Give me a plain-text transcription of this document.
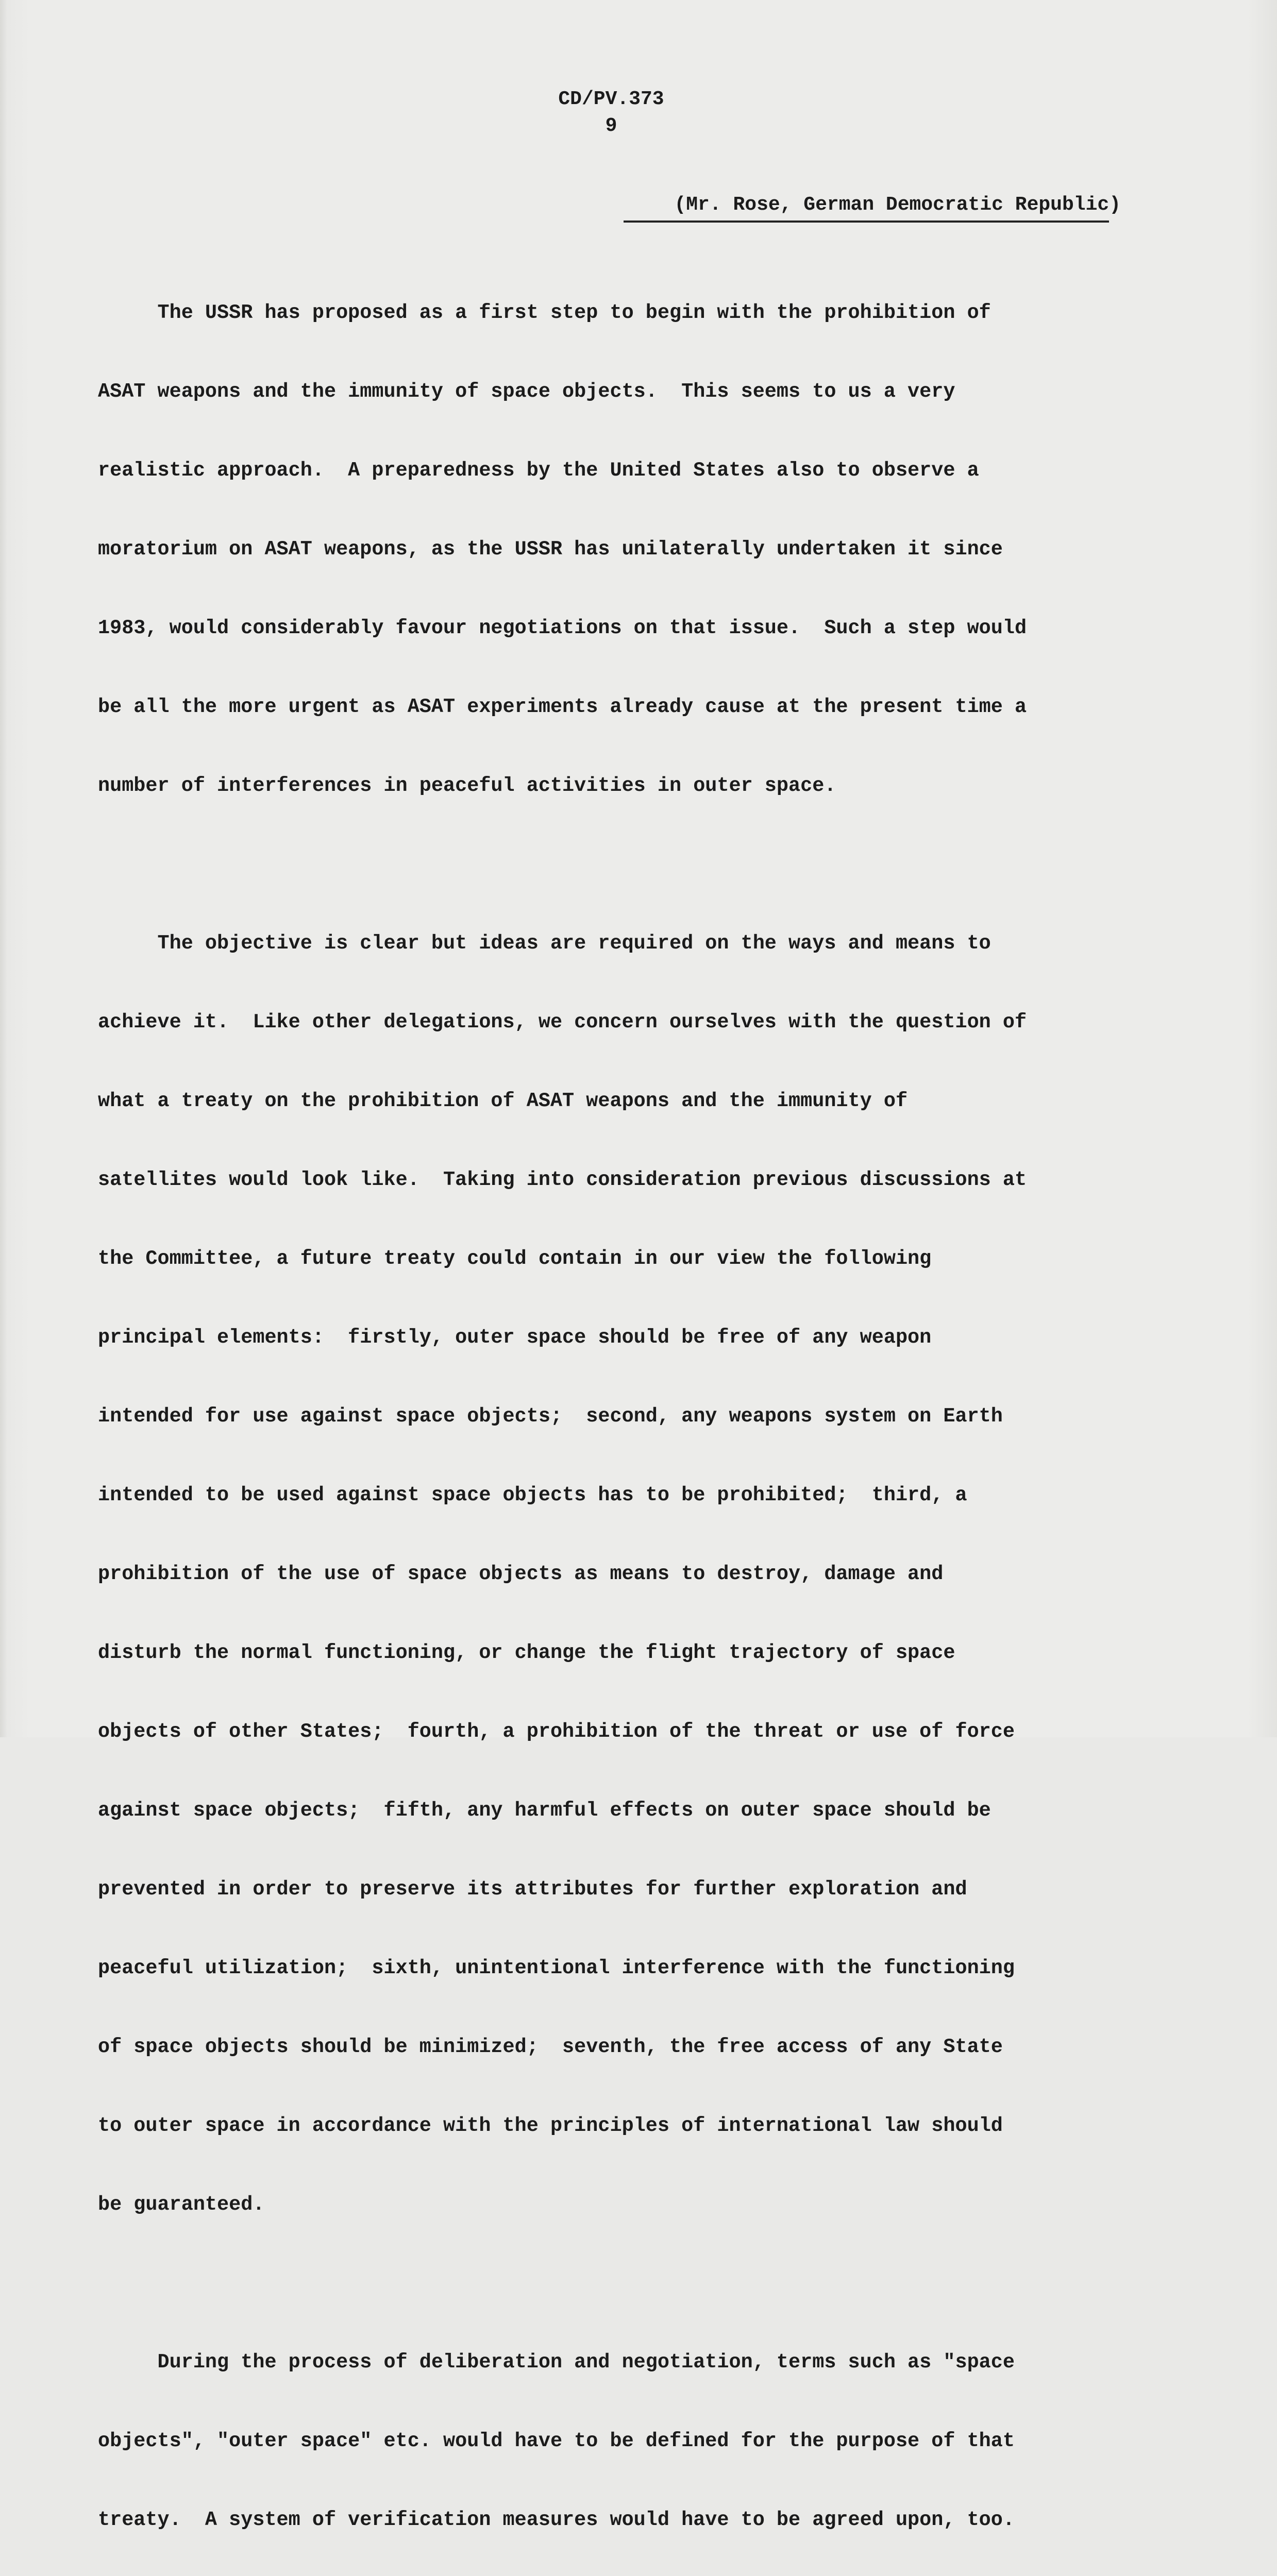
CD/PV.373
9
(Mr. Rose, German Democratic Republic)

The USSR has proposed as a first step to begin with the prohibition of

ASAT weapons and the immunity of space objects.  This seems to us a very

realistic approach.  A preparedness by the United States also to observe a

moratorium on ASAT weapons, as the USSR has unilaterally undertaken it since

1983, would considerably favour negotiations on that issue.  Such a step would

be all the more urgent as ASAT experiments already cause at the present time a

number of interferences in peaceful activities in outer space.

The objective is clear but ideas are required on the ways and means to

achieve it.  Like other delegations, we concern ourselves with the question of

what a treaty on the prohibition of ASAT weapons and the immunity of

satellites would look like.  Taking into consideration previous discussions at

the Committee, a future treaty could contain in our view the following

principal elements:  firstly, outer space should be free of any weapon

intended for use against space objects;  second, any weapons system on Earth

intended to be used against space objects has to be prohibited;  third, a

prohibition of the use of space objects as means to destroy, damage and

disturb the normal functioning, or change the flight trajectory of space

objects of other States;  fourth, a prohibition of the threat or use of force

against space objects;  fifth, any harmful effects on outer space should be

prevented in order to preserve its attributes for further exploration and

peaceful utilization;  sixth, unintentional interference with the functioning

of space objects should be minimized;  seventh, the free access of any State

to outer space in accordance with the principles of international law should

be guaranteed.

During the process of deliberation and negotiation, terms such as "space

objects", "outer space" etc. would have to be defined for the purpose of that

treaty.  A system of verification measures would have to be agreed upon, too.
